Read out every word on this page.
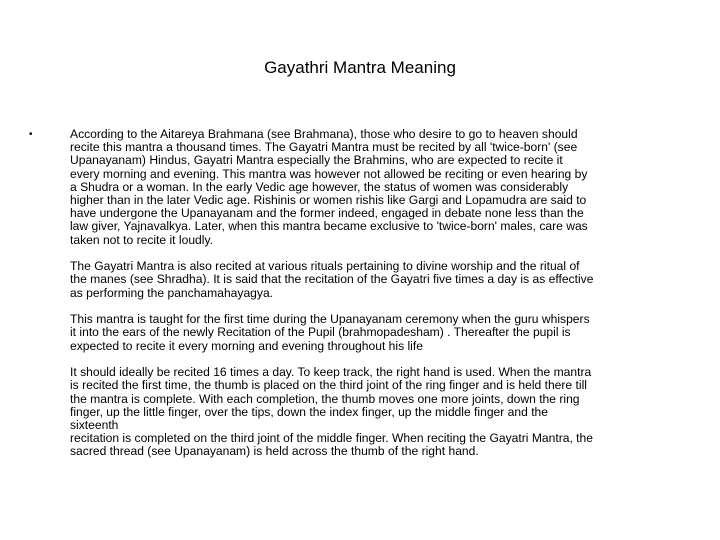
Gayathri Mantra Meaning
•	According to the Aitareya Brahmana (see Brahmana), those who desire to go to heaven should
recite this mantra a thousand times. The Gayatri Mantra must be recited by all 'twice-born' (see
Upanayanam) Hindus, Gayatri Mantra especially the Brahmins, who are expected to recite it
every morning and evening. This mantra was however not allowed be reciting or even hearing by
a Shudra or a woman. In the early Vedic age however, the status of women was considerably
higher than in the later Vedic age. Rishinis or women rishis like Gargi and Lopamudra are said to
have undergone the Upanayanam and the former indeed, engaged in debate none less than the
law giver, Yajnavalkya. Later, when this mantra became exclusive to 'twice-born' males, care was
taken not to recite it loudly.

The Gayatri Mantra is also recited at various rituals pertaining to divine worship and the ritual of
the manes (see Shradha). It is said that the recitation of the Gayatri five times a day is as effective
as performing the panchamahayagya.

This mantra is taught for the first time during the Upanayanam ceremony when the guru whispers
it into the ears of the newly Recitation of the Pupil (brahmopadesham) . Thereafter the pupil is
expected to recite it every morning and evening throughout his life

It should ideally be recited 16 times a day. To keep track, the right hand is used. When the mantra
is recited the first time, the thumb is placed on the third joint of the ring finger and is held there till
the mantra is complete. With each completion, the thumb moves one more joints, down the ring
finger, up the little finger, over the tips, down the index finger, up the middle finger and the
sixteenth
recitation is completed on the third joint of the middle finger. When reciting the Gayatri Mantra, the
sacred thread (see Upanayanam) is held across the thumb of the right hand.
